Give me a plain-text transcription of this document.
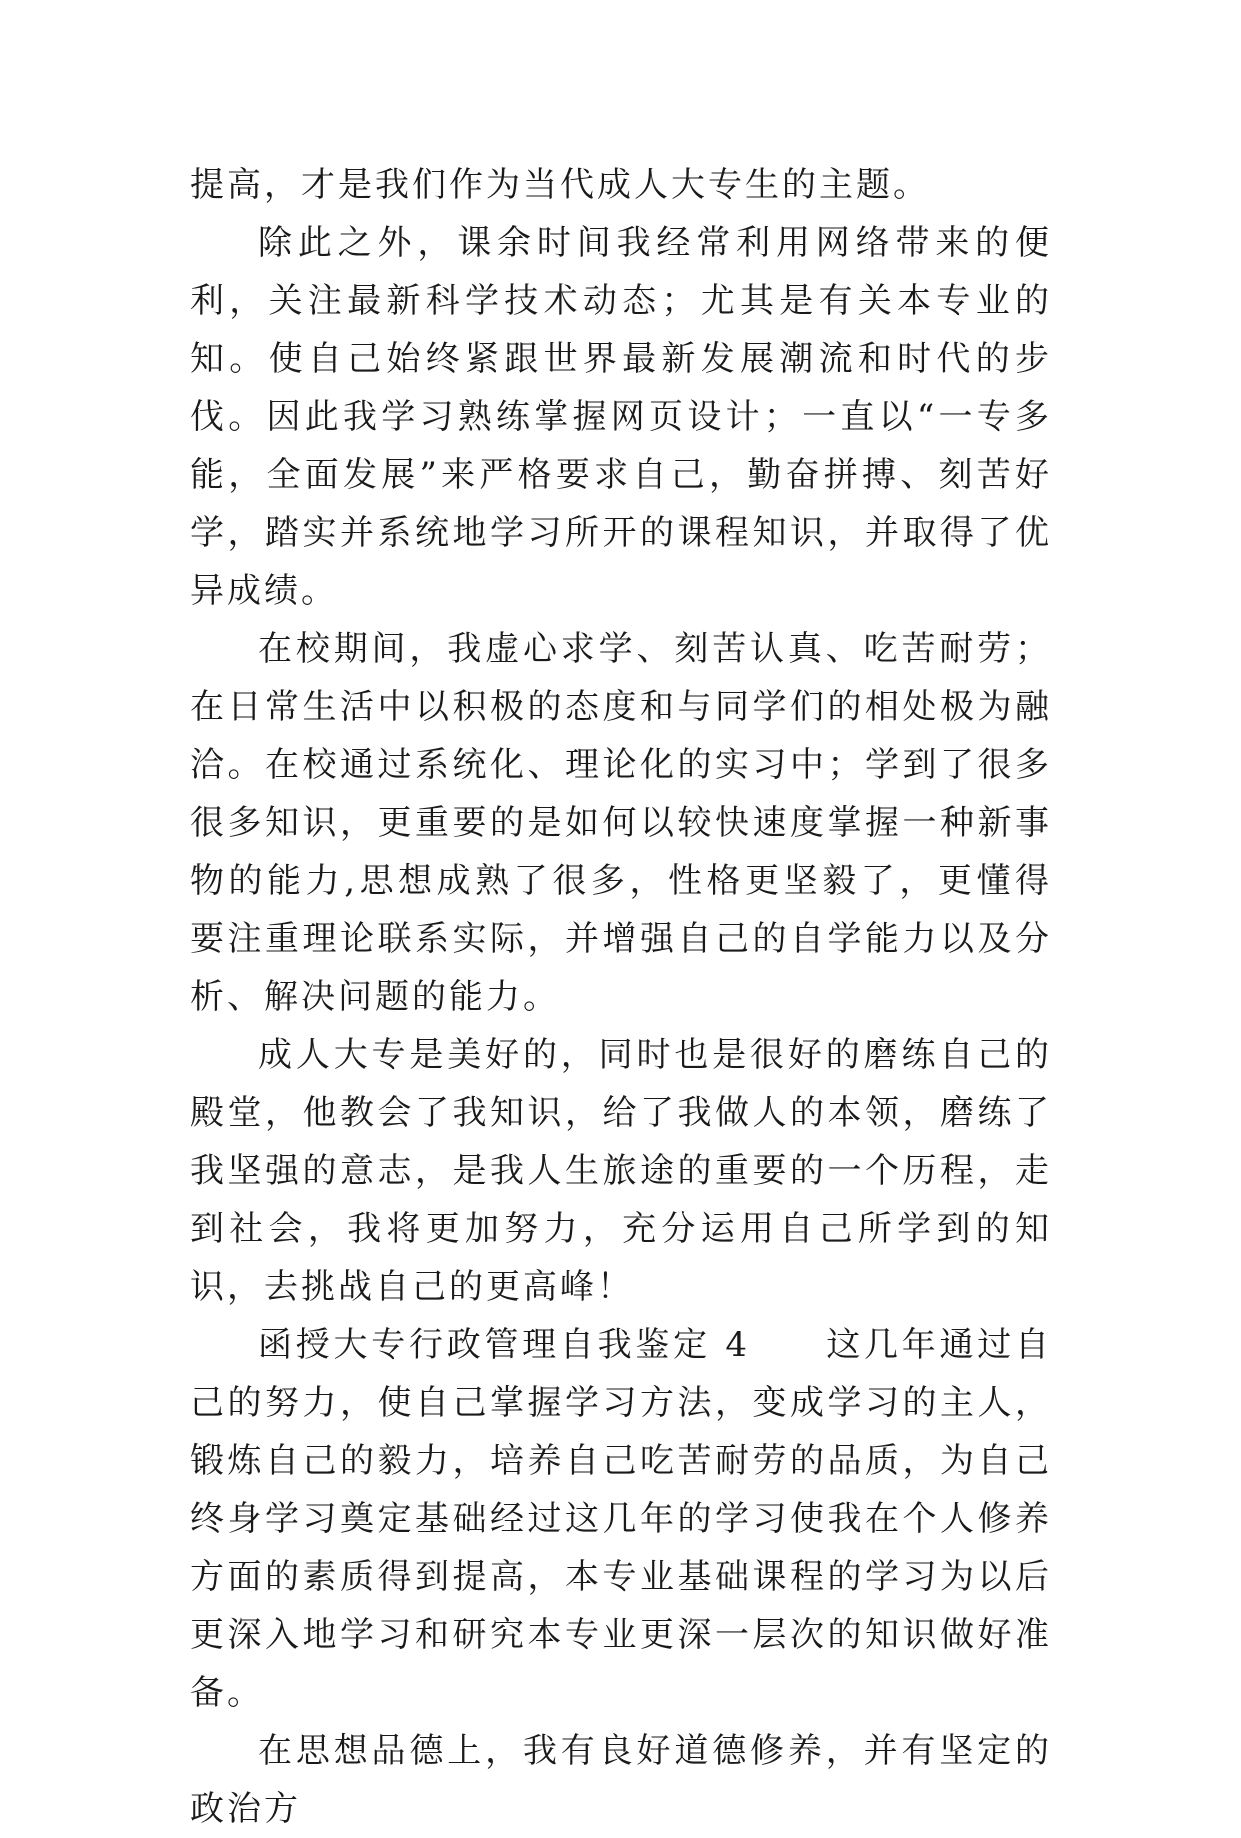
提高，才是我们作为当代成人大专生的主题。

除此之外，课余时间我经常利用网络带来的便利，关注最新科学技术动态；尤其是有关本专业的知。使自己始终紧跟世界最新发展潮流和时代的步伐。因此我学习熟练掌握网页设计；一直以“一专多能，全面发展”来严格要求自己，勤奋拼搏、刻苦好学，踏实并系统地学习所开的课程知识，并取得了优异成绩。

在校期间，我虚心求学、刻苦认真、吃苦耐劳；在日常生活中以积极的态度和与同学们的相处极为融洽。在校通过系统化、理论化的实习中；学到了很多很多知识，更重要的是如何以较快速度掌握一种新事物的能力,思想成熟了很多，性格更坚毅了，更懂得要注重理论联系实际，并增强自己的自学能力以及分析、解决问题的能力。

成人大专是美好的，同时也是很好的磨练自己的殿堂，他教会了我知识，给了我做人的本领，磨练了我坚强的意志，是我人生旅途的重要的一个历程，走到社会，我将更加努力，充分运用自己所学到的知识，去挑战自己的更高峰！

函授大专行政管理自我鉴定 4　　这几年通过自己的努力，使自己掌握学习方法，变成学习的主人，锻炼自己的毅力，培养自己吃苦耐劳的品质，为自己终身学习奠定基础经过这几年的学习使我在个人修养方面的素质得到提高，本专业基础课程的学习为以后更深入地学习和研究本专业更深一层次的知识做好准备。

在思想品德上，我有良好道德修养，并有坚定的政治方
